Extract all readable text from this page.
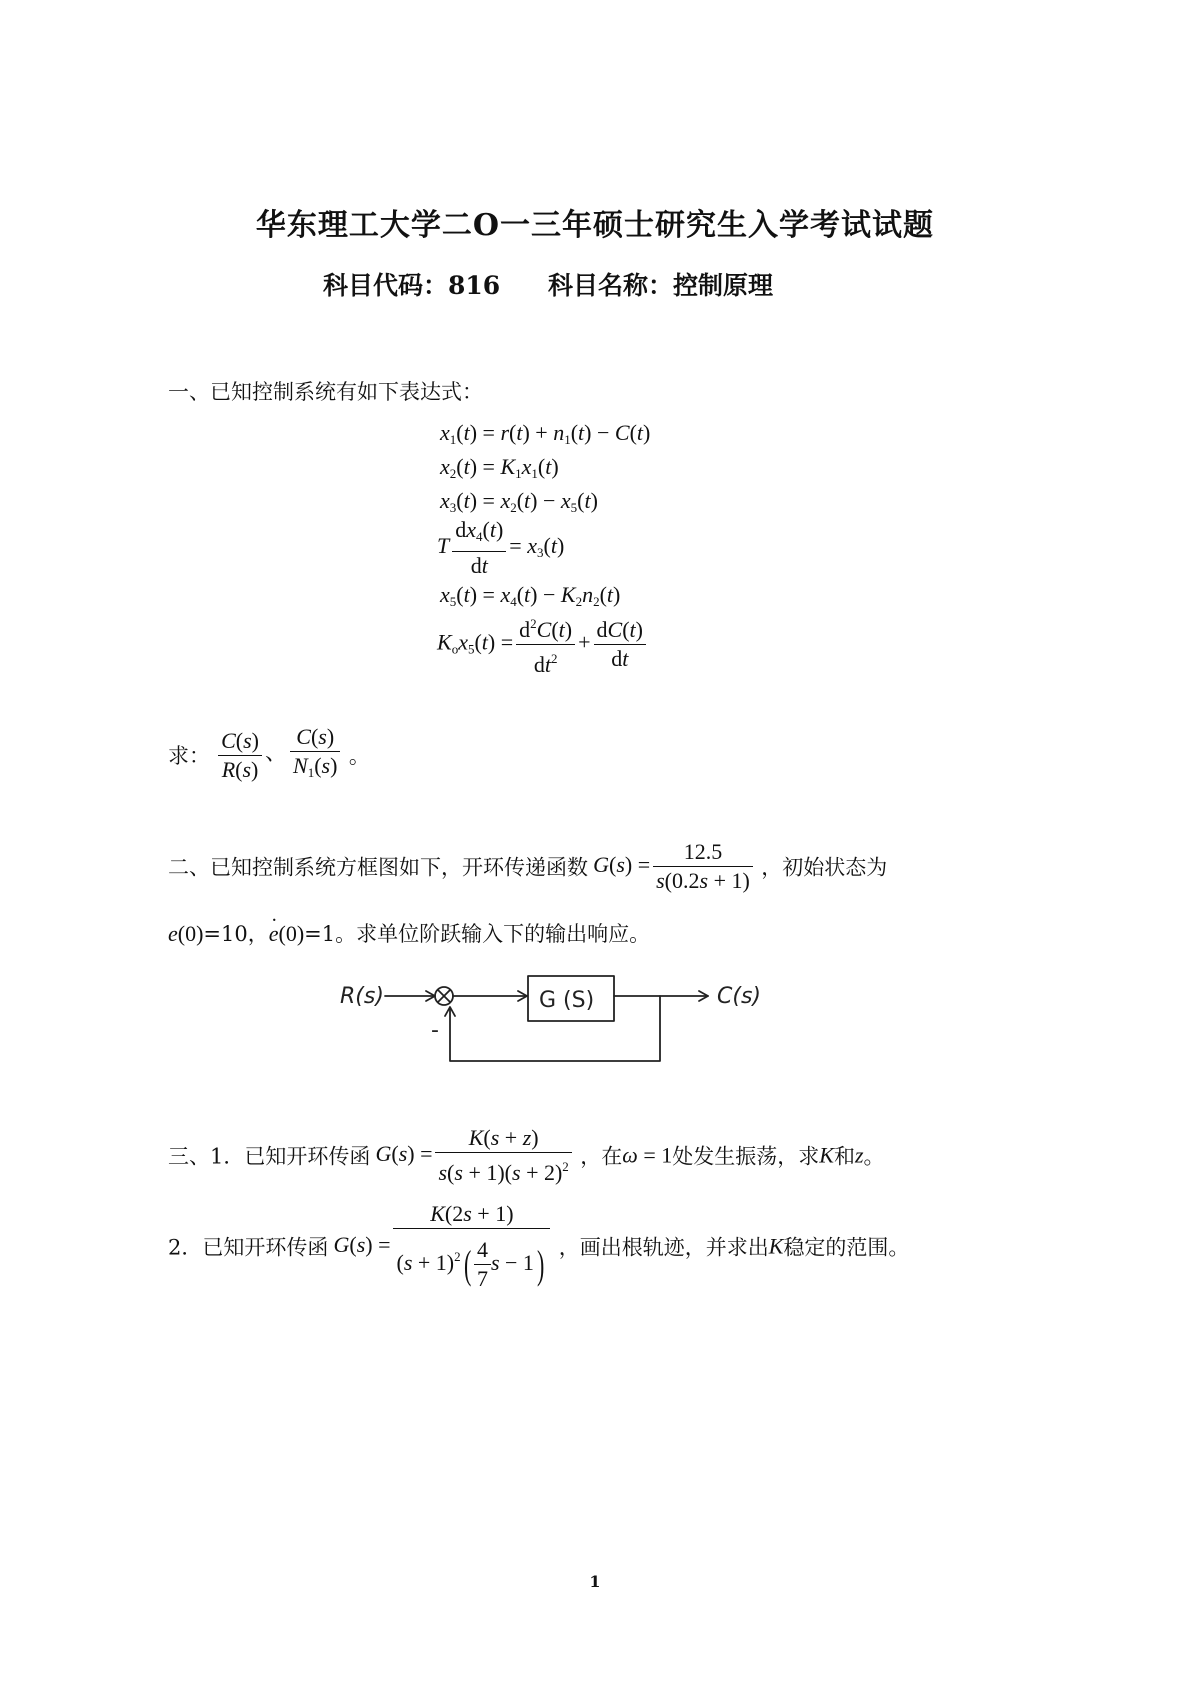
华东理工大学二O一三年硕士研究生入学考试试题
科目代码：816 科目名称：控制原理
一、已知控制系统有如下表达式：
$x_1(t) = r(t) + n_1(t) - C(t)$
$x_2(t) = K_1x_1(t)$
$x_3(t) = x_2(t) - x_5(t)$
T $\frac{dx_4(t)}{dt} = x_3(t)$
$x_5(t) = x_4(t) - K_2n_2(t)$
$K_ox_5(t) = \frac{d^2C(t)}{dt^2} + \frac{dC(t)}{dt}$
求： $\frac{C(s)}{R(s)}$ 、 $\frac{C(s)}{N_1(s)}$ 。
二、已知控制系统方框图如下，开环传递函数 $G(s) = \frac{12.5}{s(0.2s + 1)}$ ，初始状态为
e(0)=10，. e(0)=1。求单位阶跃输入下的输出响应。
R(s)	G (S)	C(s)
-
三、1．已知开环传函 $G(s) = \frac{K(s + z)}{s(s + 1)(s + 2)^2}$ ，在ω = 1处发生振荡，求K和z。
2．已知开环传函 $G(s) = \frac{K(2s + 1)}{(s + 1)^2( \frac{4}{7} s - 1)}$ ，画出根轨迹，并求出K稳定的范围。
1
